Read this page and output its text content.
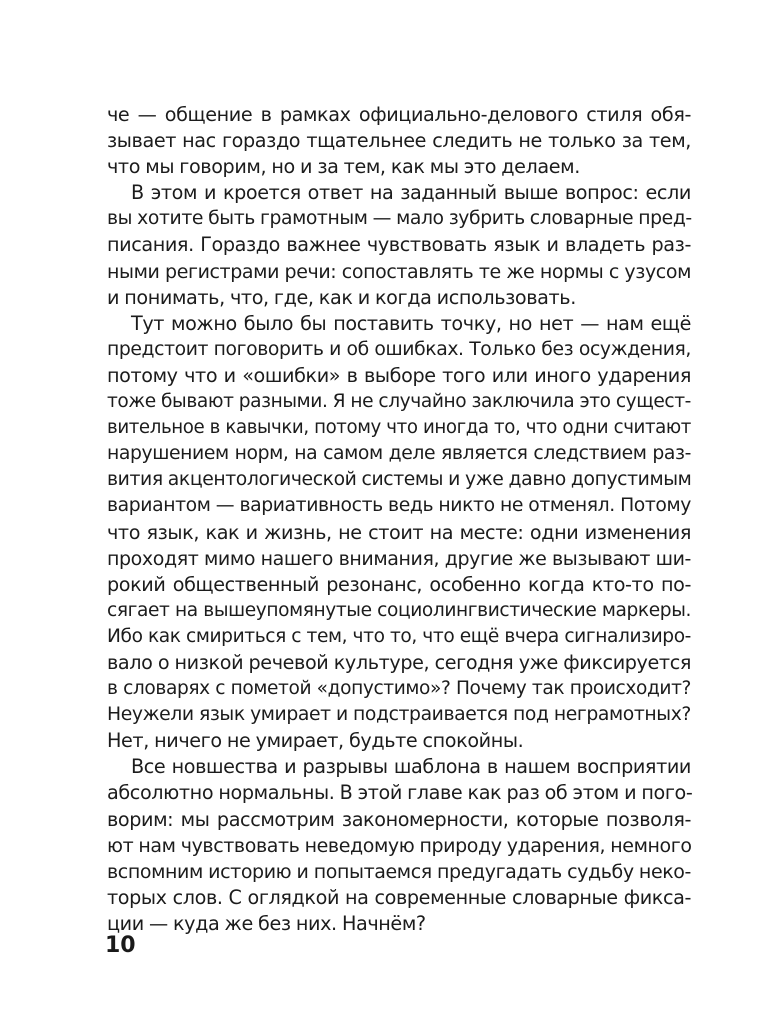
че — общение в рамках официально-делового стиля обя-
зывает нас гораздо тщательнее следить не только за тем,
что мы говорим, но и за тем, как мы это делаем.
В этом и кроется ответ на заданный выше вопрос: если
вы хотите быть грамотным — мало зубрить словарные пред-
писания. Гораздо важнее чувствовать язык и владеть раз-
ными регистрами речи: сопоставлять те же нормы с узусом
и понимать, что, где, как и когда использовать.
Тут можно было бы поставить точку, но нет — нам ещё
предстоит поговорить и об ошибках. Только без осуждения,
потому что и «ошибки» в выборе того или иного ударения
тоже бывают разными. Я не случайно заключила это сущест-
вительное в кавычки, потому что иногда то, что одни считают
нарушением норм, на самом деле является следствием раз-
вития акцентологической системы и уже давно допустимым
вариантом — вариативность ведь никто не отменял. Потому
что язык, как и жизнь, не стоит на месте: одни изменения
проходят мимо нашего внимания, другие же вызывают ши-
рокий общественный резонанс, особенно когда кто-то по-
сягает на вышеупомянутые социолингвистические маркеры.
Ибо как смириться с тем, что то, что ещё вчера сигнализиро-
вало о низкой речевой культуре, сегодня уже фиксируется
в словарях с пометой «допустимо»? Почему так происходит?
Неужели язык умирает и подстраивается под неграмотных?
Нет, ничего не умирает, будьте спокойны.
Все новшества и разрывы шаблона в нашем восприятии
абсолютно нормальны. В этой главе как раз об этом и пого-
ворим: мы рассмотрим закономерности, которые позволя-
ют нам чувствовать неведомую природу ударения, немного
вспомним историю и попытаемся предугадать судьбу неко-
торых слов. С оглядкой на современные словарные фикса-
ции — куда же без них. Начнём?
10
